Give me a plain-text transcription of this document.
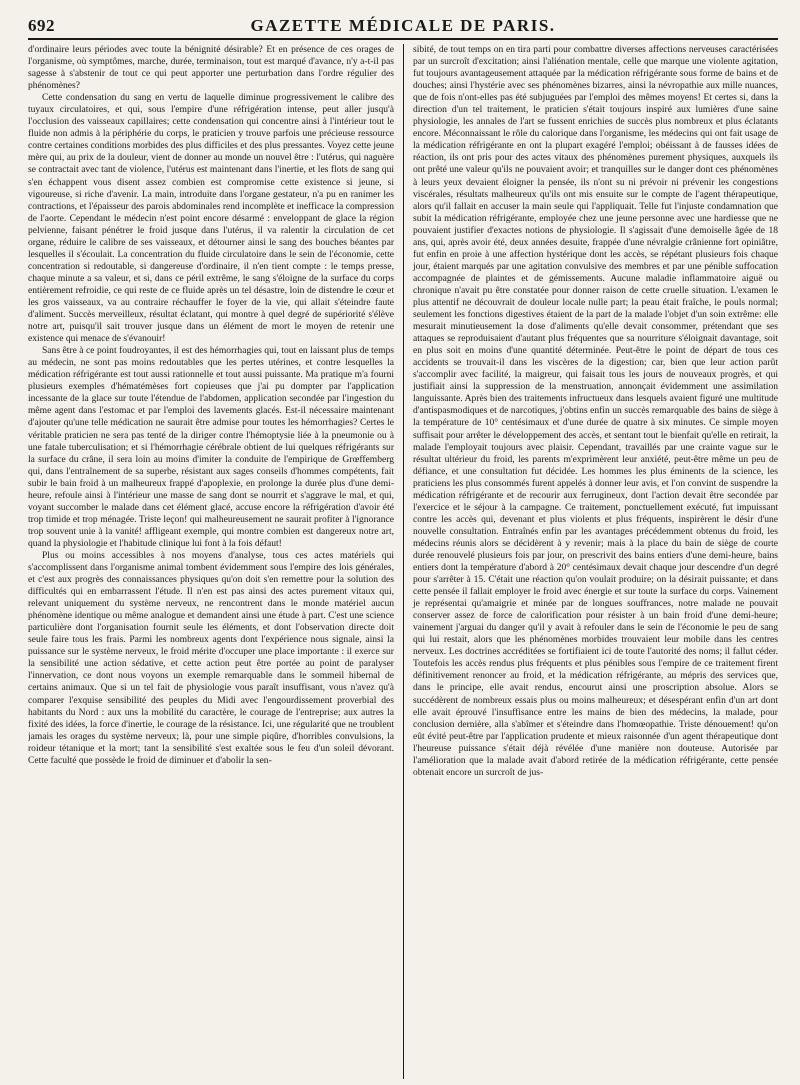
692	GAZETTE MÉDICALE DE PARIS.

d'ordinaire leurs périodes avec toute la bénignité désirable? Et en présence de ces orages de l'organisme, où symptômes, marche, durée, terminaison, tout est marqué d'avance, n'y a-t-il pas sagesse à s'abstenir de tout ce qui peut apporter une perturbation dans l'ordre régulier des phénomènes?

Cette condensation du sang en vertu de laquelle diminue progressivement le calibre des tuyaux circulatoires, et qui, sous l'empire d'une réfrigération intense, peut aller jusqu'à l'occlusion des vaisseaux capillaires; cette condensation qui concentre ainsi à l'intérieur tout le fluide non admis à la périphérie du corps, le praticien y trouve parfois une précieuse ressource contre certaines conditions morbides des plus difficiles et des plus pressantes. Voyez cette jeune mère qui, au prix de la douleur, vient de donner au monde un nouvel être : l'utérus, qui naguère se contractait avec tant de violence, l'utérus est maintenant dans l'inertie, et les flots de sang qui s'en échappent vous disent assez combien est compromise cette existence si jeune, si vigoureuse, si riche d'avenir. La main, introduite dans l'organe gestateur, n'a pu en ranimer les contractions, et l'épaisseur des parois abdominales rend incomplète et inefficace la compression de l'aorte. Cependant le médecin n'est point encore désarmé : enveloppant de glace la région pelvienne, faisant pénétrer le froid jusque dans l'utérus, il va ralentir la circulation de cet organe, réduire le calibre de ses vaisseaux, et détourner ainsi le sang des bouches béantes par lesquelles il s'écoulait. La concentration du fluide circulatoire dans le sein de l'économie, cette concentration si redoutable, si dangereuse d'ordinaire, il n'en tient compte : le temps presse, chaque minute a sa valeur, et si, dans ce péril extrême, le sang s'éloigne de la surface du corps entièrement refroidie, ce qui reste de ce fluide après un tel désastre, loin de distendre le cœur et les gros vaisseaux, va au contraire réchauffer le foyer de la vie, qui allait s'éteindre faute d'aliment. Succès merveilleux, résultat éclatant, qui montre à quel degré de supériorité s'élève notre art, puisqu'il sait trouver jusque dans un élément de mort le moyen de retenir une existence qui menace de s'évanouir!

Sans être à ce point foudroyantes, il est des hémorrhagies qui, tout en laissant plus de temps au médecin, ne sont pas moins redoutables que les pertes utérines, et contre lesquelles la médication réfrigérante est tout aussi rationnelle et tout aussi puissante. Ma pratique m'a fourni plusieurs exemples d'hématémèses fort copieuses que j'ai pu dompter par l'application incessante de la glace sur toute l'étendue de l'abdomen, application secondée par l'ingestion du même agent dans l'estomac et par l'emploi des lavements glacés. Est-il nécessaire maintenant d'ajouter qu'une telle médication ne saurait être admise pour toutes les hémorrhagies? Certes le véritable praticien ne sera pas tenté de la diriger contre l'hémoptysie liée à la pneumonie ou à une fatale tuberculisation; et si l'hémorrhagie cérébrale obtient de lui quelques réfrigérants sur la surface du crâne, il sera loin au moins d'imiter la conduite de l'empirique de Grœffemberg qui, dans l'entraînement de sa superbe, résistant aux sages conseils d'hommes compétents, fait subir le bain froid à un malheureux frappé d'apoplexie, en prolonge la durée plus d'une demi-heure, refoule ainsi à l'intérieur une masse de sang dont se nourrit et s'aggrave le mal, et qui, voyant succomber le malade dans cet élément glacé, accuse encore la réfrigération d'avoir été trop timide et trop ménagée. Triste leçon! qui malheureusement ne saurait profiter à l'ignorance trop souvent unie à la vanité! affligeant exemple, qui montre combien est dangereux notre art, quand la physiologie et l'habitude clinique lui font à la fois défaut!

Plus ou moins accessibles à nos moyens d'analyse, tous ces actes matériels qui s'accomplissent dans l'organisme animal tombent évidemment sous l'empire des lois générales, et c'est aux progrès des connaissances physiques qu'on doit s'en remettre pour la solution des difficultés qui en embarrassent l'étude. Il n'en est pas ainsi des actes purement vitaux qui, relevant uniquement du système nerveux, ne rencontrent dans le monde matériel aucun phénomène identique ou même analogue et demandent ainsi une étude à part. C'est une science particulière dont l'organisation fournit seule les éléments, et dont l'observation directe doit seule faire tous les frais. Parmi les nombreux agents dont l'expérience nous signale, ainsi la puissance sur le système nerveux, le froid mérite d'occuper une place importante : il exerce sur la sensibilité une action sédative, et cette action peut être portée au point de paralyser l'innervation, ce dont nous voyons un exemple remarquable dans le sommeil hibernal de certains animaux. Que si un tel fait de physiologie vous paraît insuffisant, vous n'avez qu'à comparer l'exquise sensibilité des peuples du Midi avec l'engourdissement proverbial des habitants du Nord : aux uns la mobilité du caractère, le courage de l'entreprise; aux autres la fixité des idées, la force d'inertie, le courage de la résistance. Ici, une régularité que ne troublent jamais les orages du système nerveux; là, pour une simple piqûre, d'horribles convulsions, la roideur tétanique et la mort; tant la sensibilité s'est exaltée sous le feu d'un soleil dévorant. Cette faculté que possède le froid de diminuer et d'abolir la sen-

sibité, de tout temps on en tira parti pour combattre diverses affections nerveuses caractérisées par un surcroît d'excitation; ainsi l'aliénation mentale, celle que marque une violente agitation, fut toujours avantageusement attaquée par la médication réfrigérante sous forme de bains et de douches; ainsi l'hystérie avec ses phénomènes bizarres, ainsi la névropathie aux mille nuances, que de fois n'ont-elles pas été subjuguées par l'emploi des mêmes moyens! Et certes si, dans la direction d'un tel traitement, le praticien s'était toujours inspiré aux lumières d'une saine physiologie, les annales de l'art se fussent enrichies de succès plus nombreux et plus éclatants encore. Méconnaissant le rôle du calorique dans l'organisme, les médecins qui ont fait usage de la médication réfrigérante en ont la plupart exagéré l'emploi; obéissant à de fausses idées de réaction, ils ont pris pour des actes vitaux des phénomènes purement physiques, auxquels ils ont prêté une valeur qu'ils ne pouvaient avoir; et tranquilles sur le danger dont ces phénomènes à leurs yeux devaient éloigner la pensée, ils n'ont su ni prévoir ni prévenir les congestions viscérales, résultats malheureux qu'ils ont mis ensuite sur le compte de l'agent thérapeutique, alors qu'il fallait en accuser la main seule qui l'appliquait. Telle fut l'injuste condamnation que subit la médication réfrigérante, employée chez une jeune personne avec une hardiesse que ne pouvaient justifier d'exactes notions de physiologie. Il s'agissait d'une demoiselle âgée de 18 ans, qui, après avoir été, deux années desuite, frappée d'une névralgie crânienne fort opiniâtre, fut enfin en proie à une affection hystérique dont les accès, se répétant plusieurs fois chaque jour, étaient marqués par une agitation convulsive des membres et par une pénible suffocation accompagnée de plaintes et de gémissements. Aucune maladie inflammatoire aiguë ou chronique n'avait pu être constatée pour donner raison de cette cruelle situation. L'examen le plus attentif ne découvrait de douleur locale nulle part; la peau était fraîche, le pouls normal; seulement les fonctions digestives étaient de la part de la malade l'objet d'un soin extrême: elle mesurait minutieusement la dose d'aliments qu'elle devait consommer, prétendant que ses attaques se reproduisaient d'autant plus fréquentes que sa nourriture s'éloignait davantage, soit en plus soit en moins d'une quantité déterminée. Peut-être le point de départ de tous ces accidents se trouvait-il dans les viscères de la digestion; car, bien que leur action parût s'accomplir avec facilité, la maigreur, qui faisait tous les jours de nouveaux progrès, et qui justifiait ainsi la suppression de la menstruation, annonçait évidemment une assimilation languissante. Après bien des traitements infructueux dans lesquels avaient figuré une multitude d'antispasmodiques et de narcotiques, j'obtins enfin un succès remarquable des bains de siège à la température de 10° centésimaux et d'une durée de quatre à six minutes. Ce simple moyen suffisait pour arrêter le développement des accès, et sentant tout le bienfait qu'elle en retirait, la malade l'employait toujours avec plaisir. Cependant, travaillés par une crainte vague sur le résultat ultérieur du froid, les parents m'exprimèrent leur anxiété, peut-être même un peu de défiance, et une consultation fut décidée. Les hommes les plus éminents de la science, les praticiens les plus consommés furent appelés à donner leur avis, et l'on convint de suspendre la médication réfrigérante et de recourir aux ferrugineux, dont l'action devait être secondée par l'exercice et le séjour à la campagne. Ce traitement, ponctuellement exécuté, fut impuissant contre les accès qui, devenant et plus violents et plus fréquents, inspirèrent le désir d'une nouvelle consultation. Entraînés enfin par les avantages précédemment obtenus du froid, les médecins réunis alors se décidèrent à y revenir; mais à la place du bain de siège de courte durée renouvelé plusieurs fois par jour, on prescrivit des bains entiers d'une demi-heure, bains entiers dont la température d'abord à 20° centésimaux devait chaque jour descendre d'un degré pour s'arrêter à 15. C'était une réaction qu'on voulait produire; on la désirait puissante; et dans cette pensée il fallait employer le froid avec énergie et sur toute la surface du corps. Vainement je représentai qu'amaigrie et minée par de longues souffrances, notre malade ne pouvait conserver assez de force de calorification pour résister à un bain froid d'une demi-heure; vainement j'arguai du danger qu'il y avait à refouler dans le sein de l'économie le peu de sang qui lui restait, alors que les phénomènes morbides trouvaient leur mobile dans les centres nerveux. Les doctrines accréditées se fortifiaient ici de toute l'autorité des noms; il fallut céder. Toutefois les accès rendus plus fréquents et plus pénibles sous l'empire de ce traitement firent définitivement renoncer au froid, et la médication réfrigérante, au mépris des services que, dans le principe, elle avait rendus, encourut ainsi une proscription absolue. Alors se succédèrent de nombreux essais plus ou moins malheureux; et désespérant enfin d'un art dont elle avait éprouvé l'insuffisance entre les mains de bien des médecins, la malade, pour conclusion dernière, alla s'abîmer et s'éteindre dans l'homœopathie. Triste dénouement! qu'on eût évité peut-être par l'application prudente et mieux raisonnée d'un agent thérapeutique dont l'heureuse puissance s'était déjà révélée d'une manière non douteuse. Autorisée par l'amélioration que la malade avait d'abord retirée de la médication réfrigérante, cette pensée obtenait encore un surcroît de jus-
